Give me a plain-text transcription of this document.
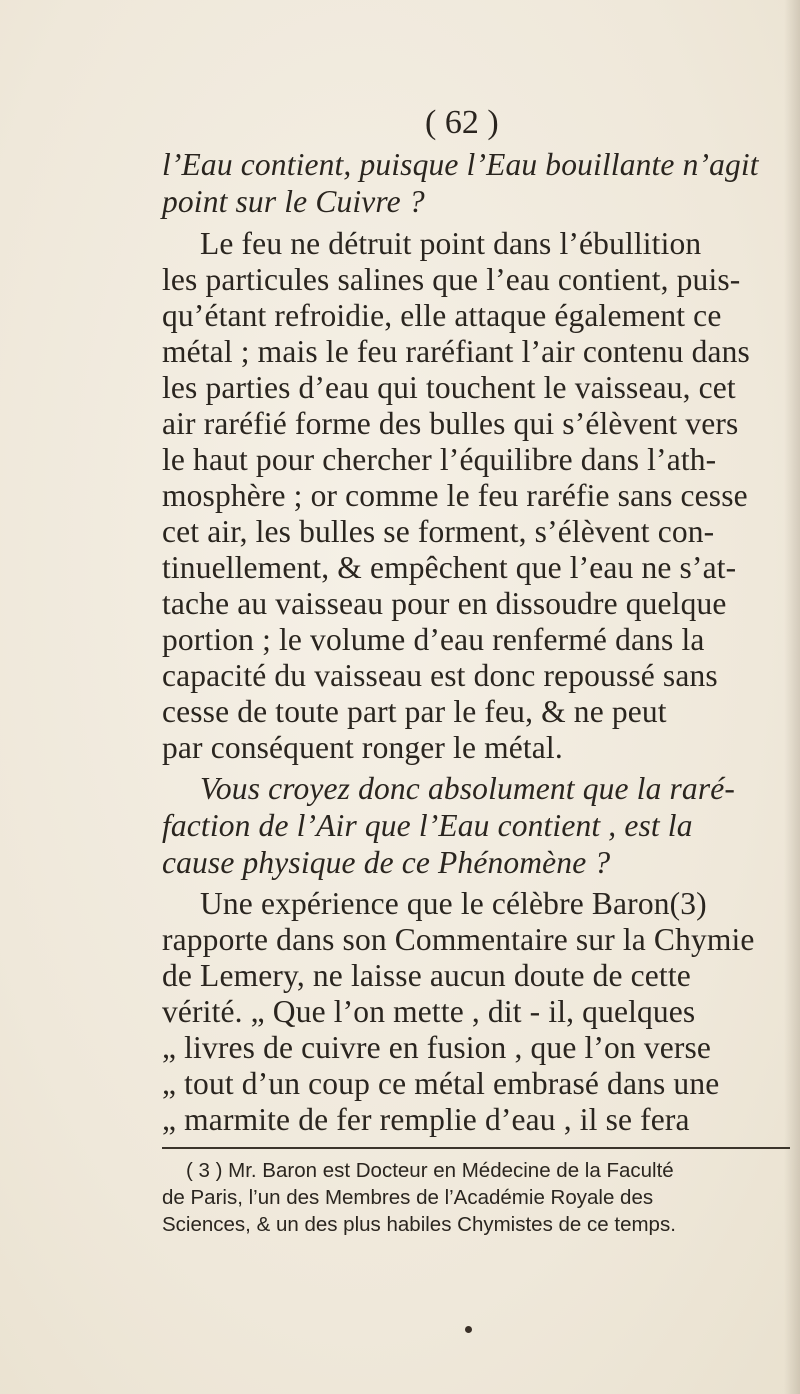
( 62 )
l’Eau contient, puisque l’Eau bouillante n’agit
point sur le Cuivre ?
Le feu ne détruit point dans l’ébullition
les particules salines que l’eau contient, puis-
qu’étant refroidie, elle attaque également ce
métal ; mais le feu raréfiant l’air contenu dans
les parties d’eau qui touchent le vaisseau, cet
air raréfié forme des bulles qui s’élèvent vers
le haut pour chercher l’équilibre dans l’ath-
mosphère ; or comme le feu raréfie sans cesse
cet air, les bulles se forment, s’élèvent con-
tinuellement, & empêchent que l’eau ne s’at-
tache au vaisseau pour en dissoudre quelque
portion ; le volume d’eau renfermé dans la
capacité du vaisseau est donc repoussé sans
cesse de toute part par le feu, & ne peut
par conséquent ronger le métal.
Vous croyez donc absolument que la raré-
faction de l’Air que l’Eau contient , est la
cause physique de ce Phénomène ?
Une expérience que le célèbre Baron(3)
rapporte dans son Commentaire sur la Chymie
de Lemery, ne laisse aucun doute de cette
vérité. „ Que l’on mette , dit - il, quelques
„ livres de cuivre en fusion , que l’on verse
„ tout d’un coup ce métal embrasé dans une
„ marmite de fer remplie d’eau , il se fera
( 3 ) Mr. Baron est Docteur en Médecine de la Faculté
de Paris, l’un des Membres de l’Académie Royale des
Sciences, & un des plus habiles Chymistes de ce temps.
